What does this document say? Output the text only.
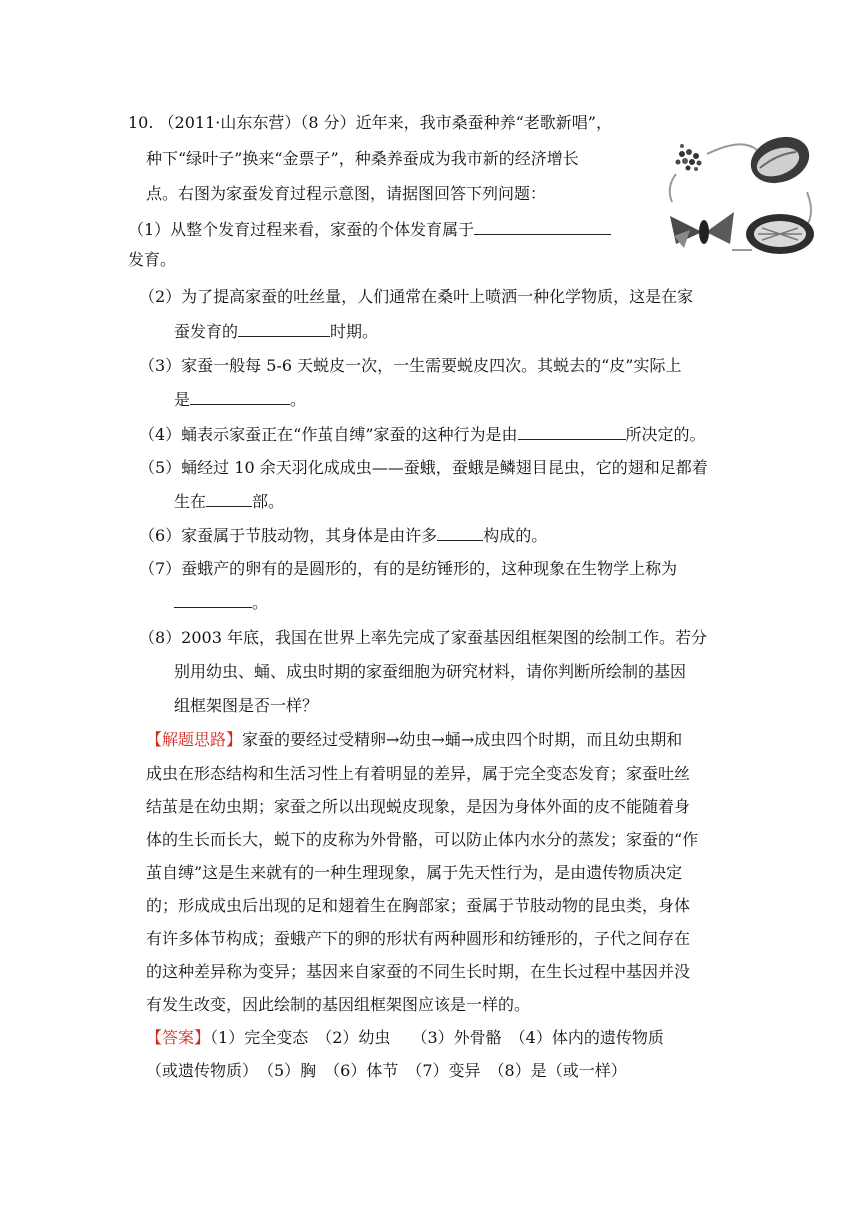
10. （2011·山东东营）（8 分）近年来，我市桑蚕种养“老歌新唱”，
种下“绿叶子”换来“金票子”，种桑养蚕成为我市新的经济增长
点。右图为家蚕发育过程示意图，请据图回答下列问题：
（1）从整个发育过程来看，家蚕的个体发育属于
发育。
（2）为了提高家蚕的吐丝量，人们通常在桑叶上喷洒一种化学物质，这是在家
蚕发育的	时期。
（3）家蚕一般每 5-6 天蜕皮一次，一生需要蜕皮四次。其蜕去的“皮”实际上
是	。
（4）蛹表示家蚕正在“作茧自缚”家蚕的这种行为是由	所决定的。
（5）蛹经过 10 余天羽化成成虫——蚕蛾，蚕蛾是鳞翅目昆虫，它的翅和足都着
生在	部。
（6）家蚕属于节肢动物，其身体是由许多	构成的。
（7）蚕蛾产的卵有的是圆形的，有的是纺锤形的，这种现象在生物学上称为
。
（8）2003 年底，我国在世界上率先完成了家蚕基因组框架图的绘制工作。若分
别用幼虫、蛹、成虫时期的家蚕细胞为研究材料，请你判断所绘制的基因
组框架图是否一样？
【解题思路】家蚕的要经过受精卵→幼虫→蛹→成虫四个时期，而且幼虫期和
成虫在形态结构和生活习性上有着明显的差异，属于完全变态发育；家蚕吐丝
结茧是在幼虫期；家蚕之所以出现蜕皮现象，是因为身体外面的皮不能随着身
体的生长而长大，蜕下的皮称为外骨骼，可以防止体内水分的蒸发；家蚕的“作
茧自缚”这是生来就有的一种生理现象，属于先天性行为，是由遗传物质决定
的；形成成虫后出现的足和翅着生在胸部家；蚕属于节肢动物的昆虫类，身体
有许多体节构成；蚕蛾产下的卵的形状有两种圆形和纺锤形的，子代之间存在
的这种差异称为变异；基因来自家蚕的不同生长时期，在生长过程中基因并没
有发生改变，因此绘制的基因组框架图应该是一样的。
【答案】（1）完全变态　（2）幼虫　 （3）外骨骼　（4）体内的遗传物质
（或遗传物质）　（5）胸　（6）体节　（7）变异　（8）是（或一样）
